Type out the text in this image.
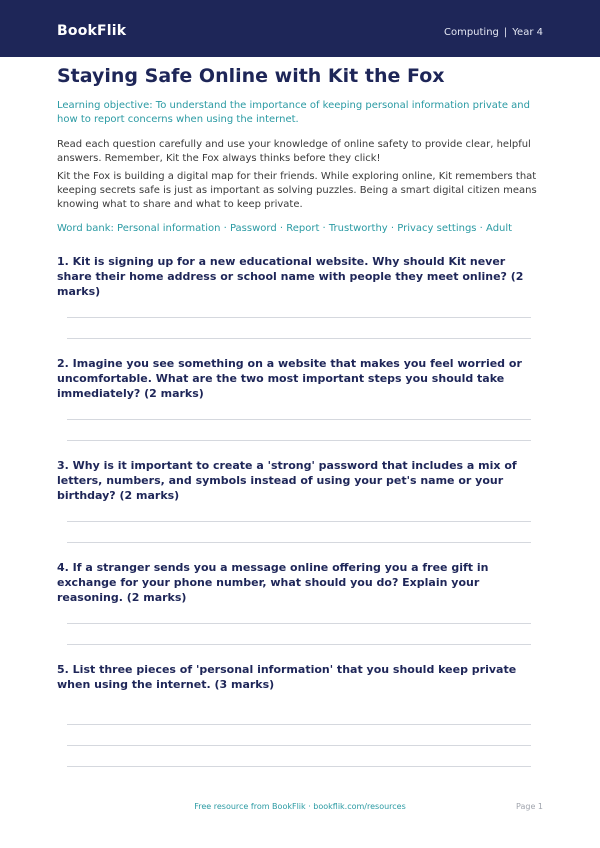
BookFlik	Computing | Year 4
Staying Safe Online with Kit the Fox
Learning objective: To understand the importance of keeping personal information private and how to report concerns when using the internet.
Read each question carefully and use your knowledge of online safety to provide clear, helpful answers. Remember, Kit the Fox always thinks before they click!
Kit the Fox is building a digital map for their friends. While exploring online, Kit remembers that keeping secrets safe is just as important as solving puzzles. Being a smart digital citizen means knowing what to share and what to keep private.
Word bank: Personal information · Password · Report · Trustworthy · Privacy settings · Adult
1. Kit is signing up for a new educational website. Why should Kit never share their home address or school name with people they meet online? (2 marks)
2. Imagine you see something on a website that makes you feel worried or uncomfortable. What are the two most important steps you should take immediately? (2 marks)
3. Why is it important to create a 'strong' password that includes a mix of letters, numbers, and symbols instead of using your pet's name or your birthday? (2 marks)
4. If a stranger sends you a message online offering you a free gift in exchange for your phone number, what should you do? Explain your reasoning. (2 marks)
5. List three pieces of 'personal information' that you should keep private when using the internet. (3 marks)
Free resource from BookFlik · bookflik.com/resources	Page 1
